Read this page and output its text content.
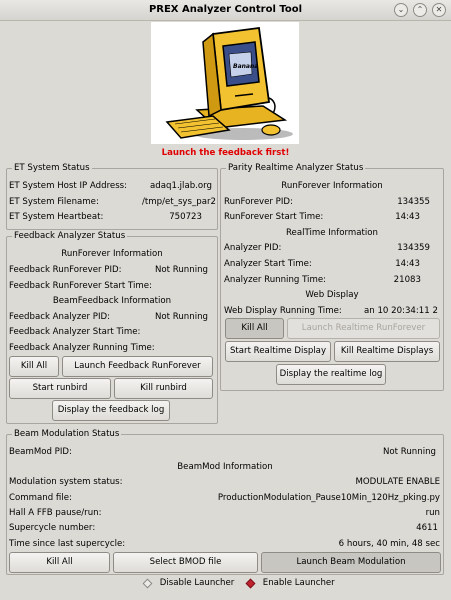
PREX Analyzer Control Tool	⌄	⌃	✕
Banana
Launch the feedback first!
ET System Status
ET System Host IP Address:	adaq1.jlab.org
ET System Filename:	/tmp/et_sys_par2
ET System Heartbeat:	750723
Feedback Analyzer Status
RunForever Information
Feedback RunForever PID:	Not Running
Feedback RunForever Start Time:
BeamFeedback Information
Feedback Analyzer PID:	Not Running
Feedback Analyzer Start Time:
Feedback Analyzer Running Time:
Kill All	Launch Feedback RunForever
Start runbird	Kill runbird
Display the feedback log
Parity Realtime Analyzer Status
RunForever Information
RunForever PID:	134355
RunForever Start Time:	14:43
RealTime Information
Analyzer PID:	134359
Analyzer Start Time:	14:43
Analyzer Running Time:	21083
Web Display
Web Display Running Time:	an 10 20:34:11 2
Kill All	Launch Realtime RunForever
Start Realtime Display	Kill Realtime Displays
Display the realtime log
Beam Modulation Status
BeamMod PID:	Not Running
BeamMod Information
Modulation system status:	MODULATE ENABLE
Command file:	ProductionModulation_Pause10Min_120Hz_pking.py
Hall A FFB pause/run:	run
Supercycle number:	4611
Time since last supercycle:	6 hours, 40 min, 48 sec
Kill All	Select BMOD file	Launch Beam Modulation
Disable Launcher	Enable Launcher
